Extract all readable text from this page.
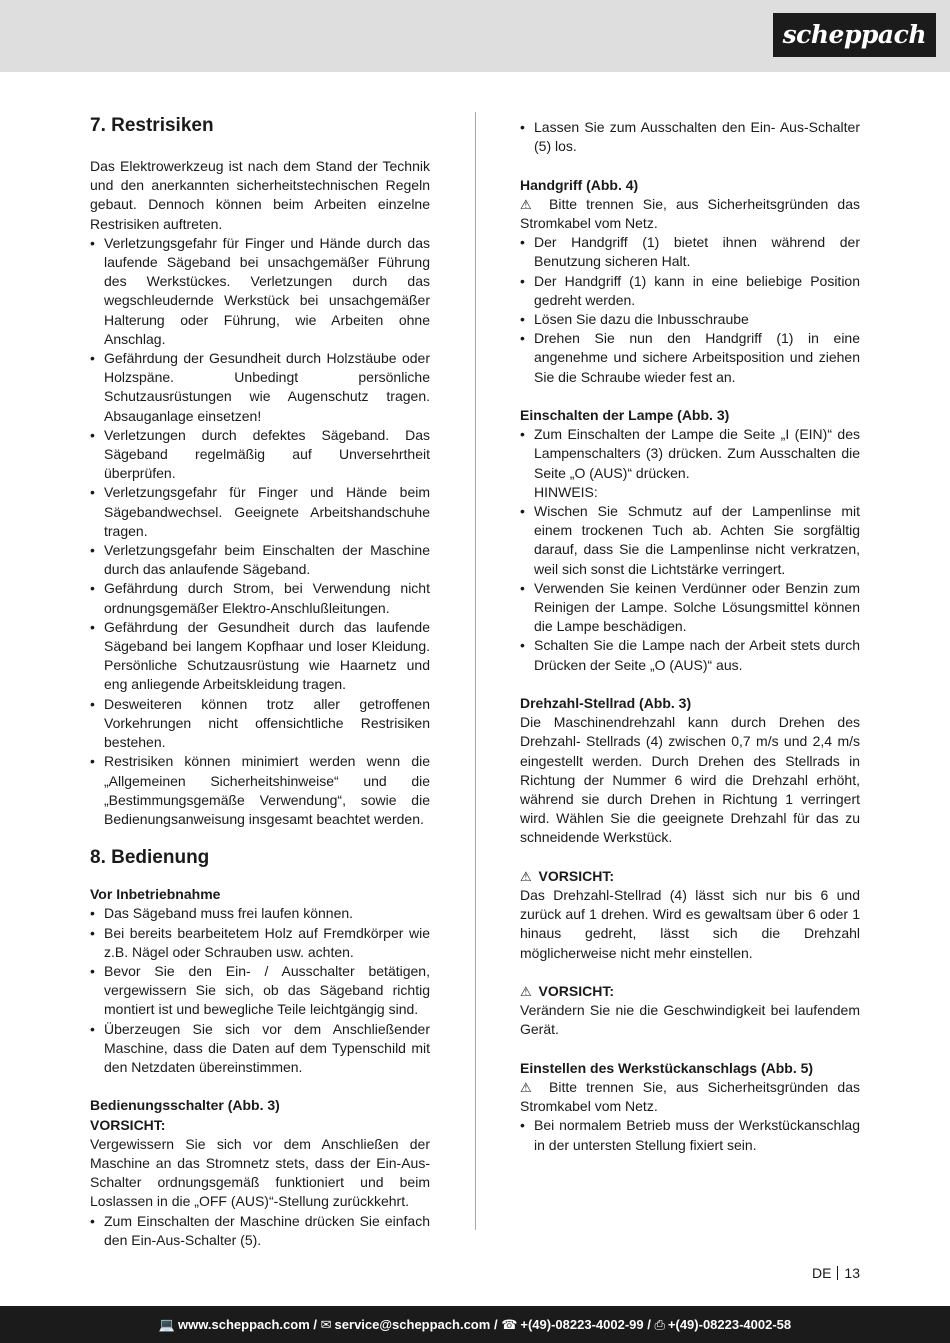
scheppach
7. Restrisiken

Das Elektrowerkzeug ist nach dem Stand der Technik und den anerkannten sicherheitstechnischen Regeln gebaut. Dennoch können beim Arbeiten einzelne Restrisiken auftreten.

• Verletzungsgefahr für Finger und Hände durch das laufende Sägeband bei unsachgemäßer Führung des Werkstückes. Verletzungen durch das wegschleudernde Werkstück bei unsachgemäßer Halterung oder Führung, wie Arbeiten ohne Anschlag.
• Gefährdung der Gesundheit durch Holzstäube oder Holzspäne. Unbedingt persönliche Schutzausrüstungen wie Augenschutz tragen. Absauganlage einsetzen!
• Verletzungen durch defektes Sägeband. Das Sägeband regelmäßig auf Unversehrtheit überprüfen.
• Verletzungsgefahr für Finger und Hände beim Sägebandwechsel. Geeignete Arbeitshandschuhe tragen.
• Verletzungsgefahr beim Einschalten der Maschine durch das anlaufende Sägeband.
• Gefährdung durch Strom, bei Verwendung nicht ordnungsgemäßer Elektro-Anschlußleitungen.
• Gefährdung der Gesundheit durch das laufende Sägeband bei langem Kopfhaar und loser Kleidung. Persönliche Schutzausrüstung wie Haarnetz und eng anliegende Arbeitskleidung tragen.
• Desweiteren können trotz aller getroffenen Vorkehrungen nicht offensichtliche Restrisiken bestehen.
• Restrisiken können minimiert werden wenn die „Allgemeinen Sicherheitshinweise“ und die „Bestimmungsgemäße Verwendung“, sowie die Bedienungsanweisung insgesamt beachtet werden.
8. Bedienung
Vor Inbetriebnahme
• Das Sägeband muss frei laufen können.
• Bei bereits bearbeitetem Holz auf Fremdkörper wie z.B. Nägel oder Schrauben usw. achten.
• Bevor Sie den Ein- / Ausschalter betätigen, vergewissern Sie sich, ob das Sägeband richtig montiert ist und bewegliche Teile leichtgängig sind.
• Überzeugen Sie sich vor dem Anschließender Maschine, dass die Daten auf dem Typenschild mit den Netzdaten übereinstimmen.
Bedienungsschalter (Abb. 3)
VORSICHT:

Vergewissern Sie sich vor dem Anschließen der Maschine an das Stromnetz stets, dass der Ein-Aus- Schalter ordnungsgemäß funktioniert und beim Loslassen in die „OFF (AUS)“-Stellung zurückkehrt.

• Zum Einschalten der Maschine drücken Sie einfach den Ein-Aus-Schalter (5).
• Lassen Sie zum Ausschalten den Ein- Aus-Schalter (5) los.
Handgriff (Abb. 4)

⚠ Bitte trennen Sie, aus Sicherheitsgründen das Stromkabel vom Netz.

• Der Handgriff (1) bietet ihnen während der Benutzung sicheren Halt.
• Der Handgriff (1) kann in eine beliebige Position gedreht werden.
• Lösen Sie dazu die Inbusschraube
• Drehen Sie nun den Handgriff (1) in eine angenehme und sichere Arbeitsposition und ziehen Sie die Schraube wieder fest an.
Einschalten der Lampe (Abb. 3)
• Zum Einschalten der Lampe die Seite „I (EIN)“ des Lampenschalters (3) drücken. Zum Ausschalten die Seite „O (AUS)“ drücken.
HINWEIS:
• Wischen Sie Schmutz auf der Lampenlinse mit einem trockenen Tuch ab. Achten Sie sorgfältig darauf, dass Sie die Lampenlinse nicht verkratzen, weil sich sonst die Lichtstärke verringert.
• Verwenden Sie keinen Verdünner oder Benzin zum Reinigen der Lampe. Solche Lösungsmittel können die Lampe beschädigen.
• Schalten Sie die Lampe nach der Arbeit stets durch Drücken der Seite „O (AUS)“ aus.
Drehzahl-Stellrad (Abb. 3)

Die Maschinendrehzahl kann durch Drehen des Drehzahl- Stellrads (4) zwischen 0,7 m/s und 2,4 m/s eingestellt werden. Durch Drehen des Stellrads in Richtung der Nummer 6 wird die Drehzahl erhöht, während sie durch Drehen in Richtung 1 verringert wird. Wählen Sie die geeignete Drehzahl für das zu schneidende Werkstück.

⚠ VORSICHT:

Das Drehzahl-Stellrad (4) lässt sich nur bis 6 und zurück auf 1 drehen. Wird es gewaltsam über 6 oder 1 hinaus gedreht, lässt sich die Drehzahl möglicherweise nicht mehr einstellen.

⚠ VORSICHT:

Verändern Sie nie die Geschwindigkeit bei laufendem Gerät.

Einstellen des Werkstückanschlags (Abb. 5)

⚠ Bitte trennen Sie, aus Sicherheitsgründen das Stromkabel vom Netz.

• Bei normalem Betrieb muss der Werkstückanschlag in der untersten Stellung fixiert sein.
DE 13
💻 www.scheppach.com / ✉ service@scheppach.com / ☎ +(49)-08223-4002-99 / ⎙ +(49)-08223-4002-58
